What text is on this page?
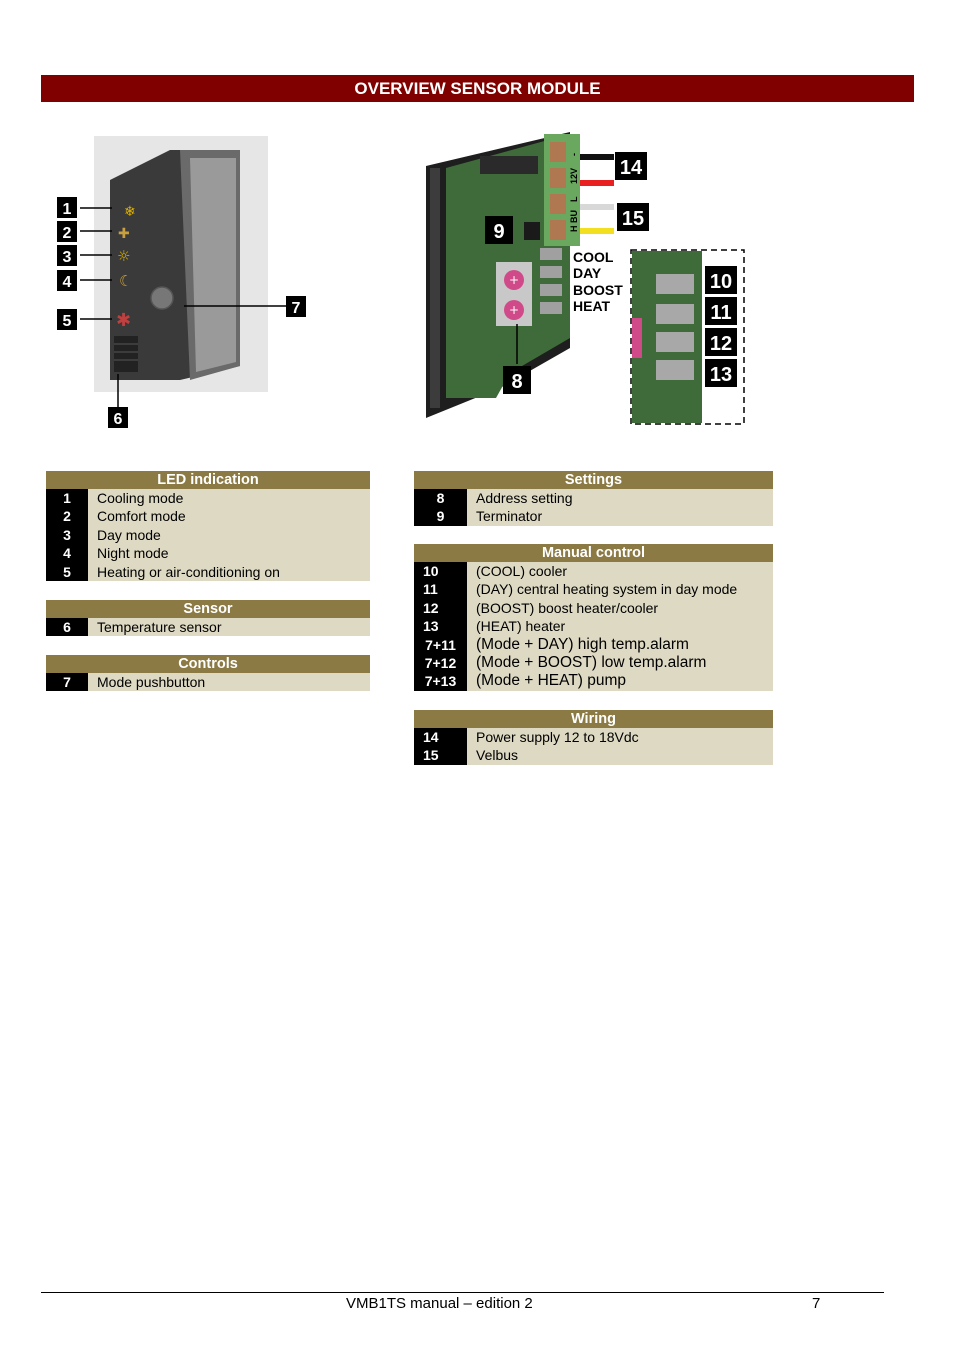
OVERVIEW SENSOR MODULE
❄
✚
☼
☾
✱
1
2
3
4
5
6
7
-
12V
L
H BU
+
+
COOL
DAY
BOOST
HEAT
14
15
9
8
10
11
12
13
LED indication
1	Cooling mode
2	Comfort mode
3	Day mode
4	Night mode
5	Heating or air-conditioning on
Sensor
6	Temperature sensor
Controls
7	Mode pushbutton
Settings
8	Address setting
9	Terminator
Manual control
10	(COOL) cooler
11	(DAY) central heating system in day mode
12	(BOOST) boost heater/cooler
13	(HEAT) heater
7+11	(Mode + DAY) high temp.alarm
7+12	(Mode + BOOST) low temp.alarm
7+13	(Mode + HEAT) pump
Wiring
14	Power supply 12 to 18Vdc
15	Velbus
VMB1TS manual – edition 2	7
